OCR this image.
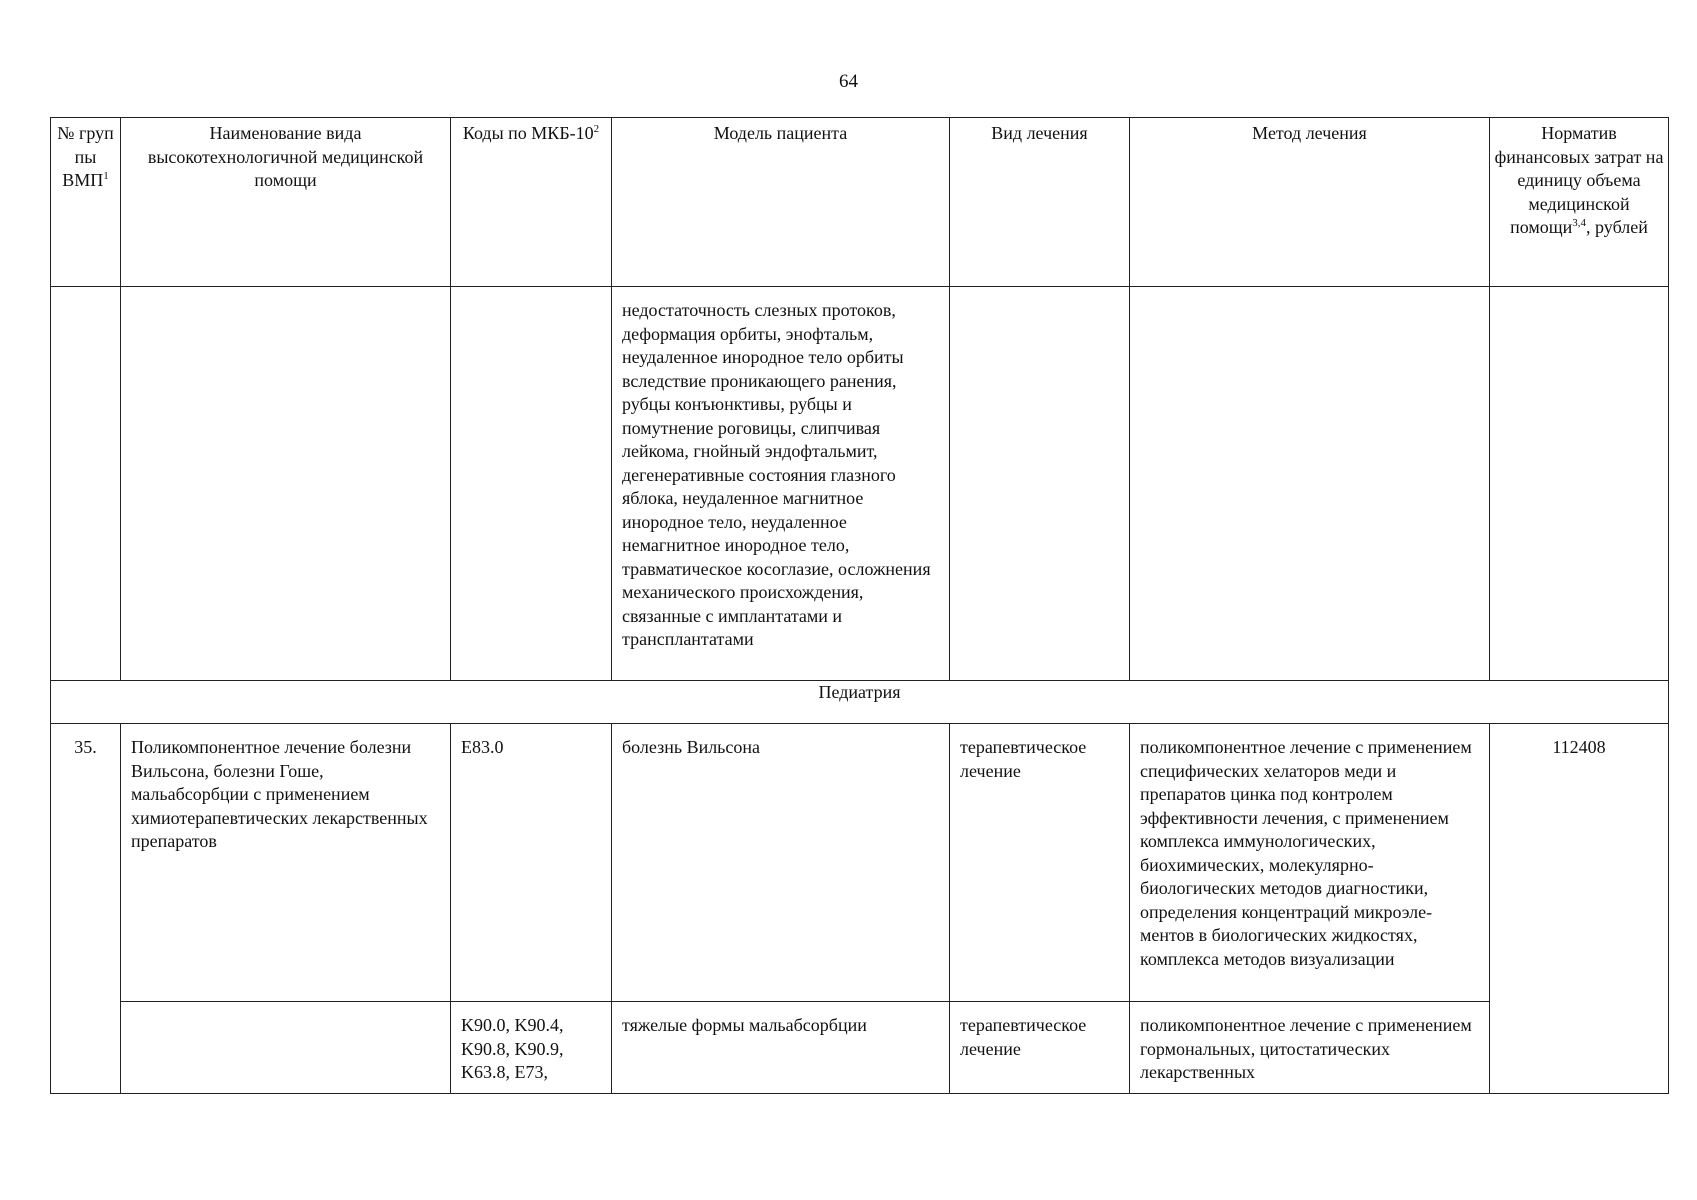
64
№ груп пы ВМП$^1$	Наименование вида высокотехнологичной медицинской помощи	Коды по МКБ-$10^2$	Модель пациента	Вид лечения	Метод лечения	Норматив финансовых затрат на единицу объема медицинской помощи$^{3,4}$, рублей

			недостаточность слезных протоков, деформация орбиты, энофтальм, неудаленное инородное тело орбиты вследствие проникающего ранения, рубцы конъюнктивы, рубцы и помутнение роговицы, слипчивая лейкома, гнойный эндофтальмит, дегенеративные состояния глазного яблока, неудаленное магнитное инородное тело, неудаленное немагнитное инородное тело, травматическое косоглазие, осложнения механического происхождения, связанные с имплантатами и трансплантатами			

Педиатрия						

35.	Поликомпонентное лечение болезни Вильсона, болезни Гоше, мальабсорбции с применением химиотерапевтических лекарственных препаратов	E83.0	болезнь Вильсона	терапевтическое лечение	поликомпонентное лечение с применением специфических хелаторов меди и препаратов цинка под контролем эффективности лечения, с применением комплекса иммунологических, биохимических, молекулярно-биологических методов диагностики, определения концентраций микроэле-ментов в биологических жидкостях, комплекса методов визуализации	112408

		K90.0, K90.4, K90.8, K90.9, K63.8, E73,	тяжелые формы мальабсорбции	терапевтическое лечение	поликомпонентное лечение с применением гормональных, цитостатических лекарственных	
